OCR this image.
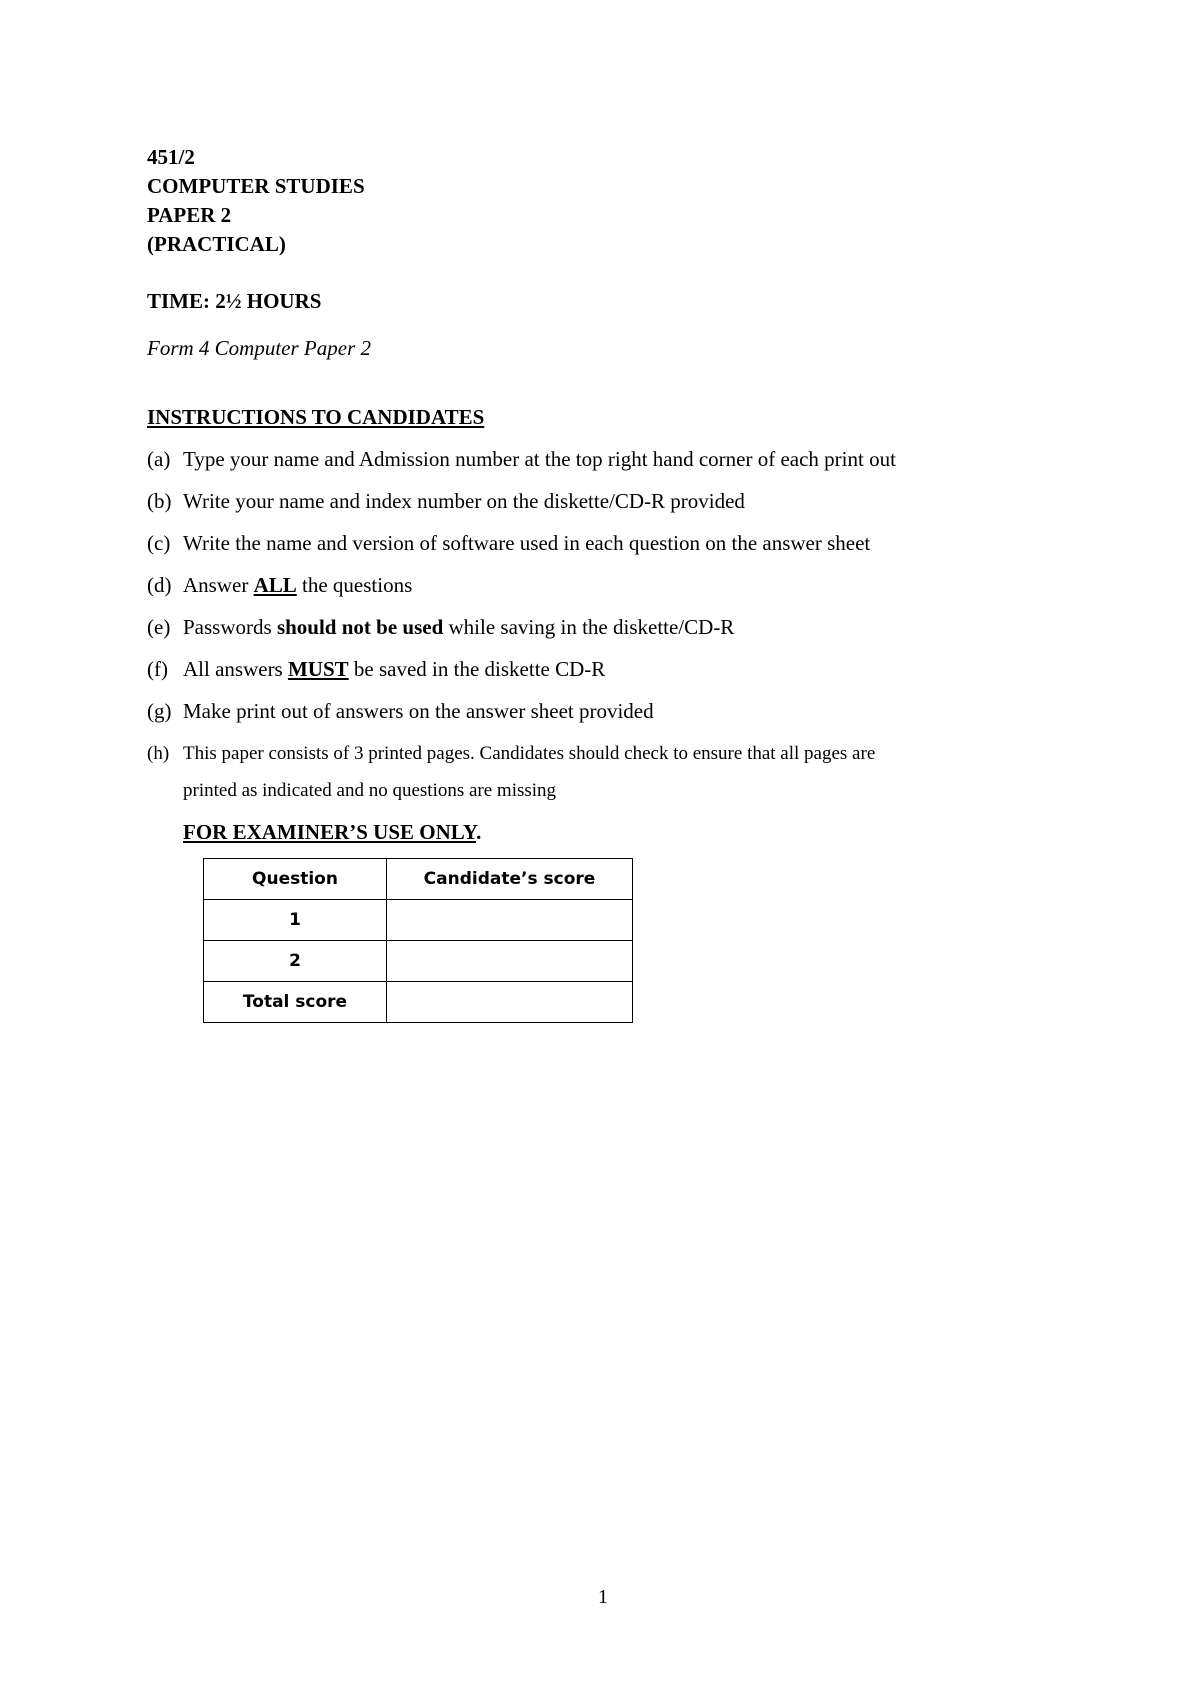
451/2
COMPUTER STUDIES
PAPER 2
(PRACTICAL)
TIME: 2½ HOURS
Form 4 Computer Paper 2
INSTRUCTIONS TO CANDIDATES
(a) Type your name and Admission number at the top right hand corner of each print out
(b) Write your name and index number on the diskette/CD-R provided
(c) Write the name and version of software used in each question on the answer sheet
(d) Answer ALL the questions
(e) Passwords should not be used while saving in the diskette/CD-R
(f) All answers MUST be saved in the diskette CD-R
(g) Make print out of answers on the answer sheet provided
(h) This paper consists of 3 printed pages. Candidates should check to ensure that all pages are
printed as indicated and no questions are missing
FOR EXAMINER’S USE ONLY.
Question	Candidate’s score
1	
2	
Total score	
1
